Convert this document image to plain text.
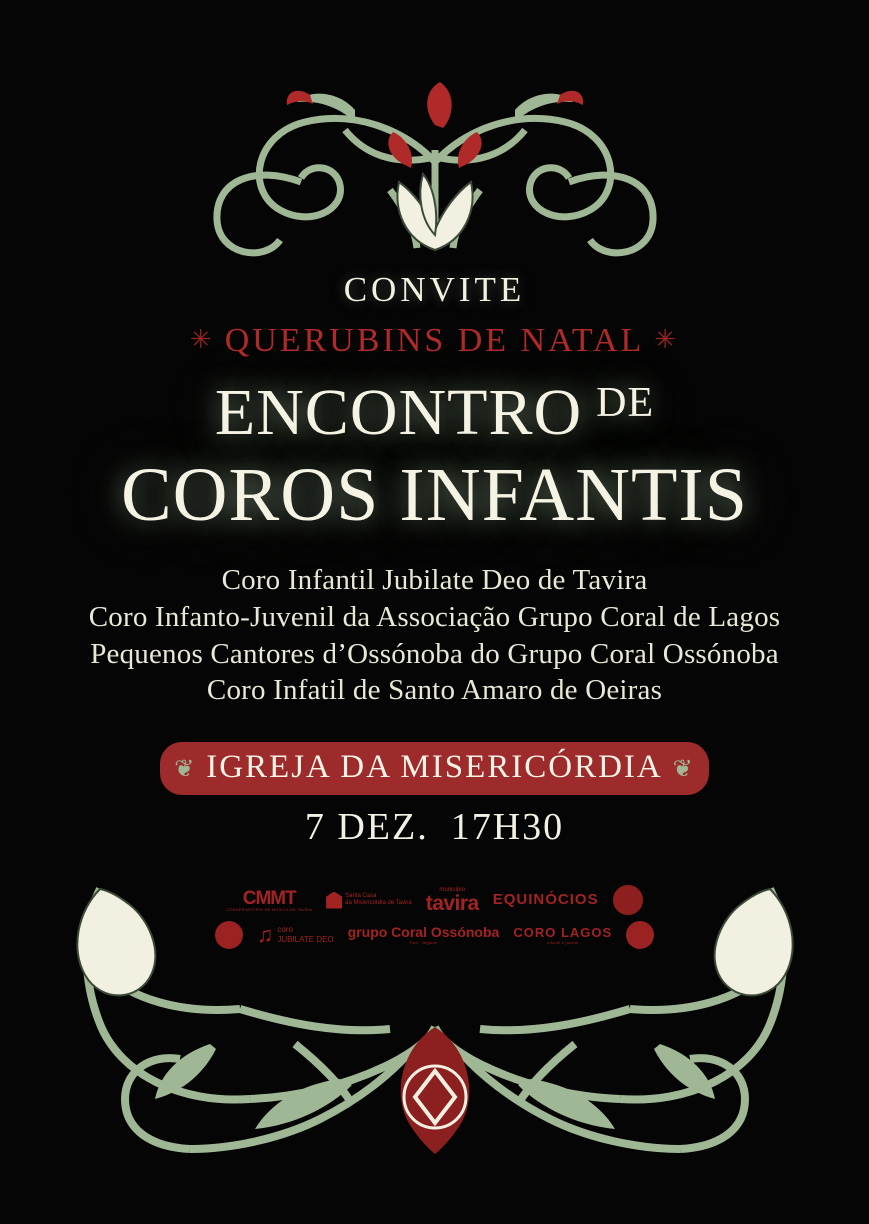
CONVITE
✳ QUERUBINS DE NATAL ✳
ENCONTRO $^{DE}$
COROS INFANTIS
Coro Infantil Jubilate Deo de Tavira
Coro Infanto-Juvenil da Associação Grupo Coral de Lagos
Pequenos Cantores d’Ossónoba do Grupo Coral Ossónoba
Coro Infatil de Santo Amaro de Oeiras
❦ IGREJA DA MISERICÓRDIA ❦
7 DEZ. 17H30
CMMT
CONSERVATÓRIO DE MÚSICA DE TAVIRA
Santa Casa
da Misericórdia de Tavira
município
tavira EQUINÓCIOS
♫ coro
JUBILATE DEO grupo Coral Ossónoba
Faro · Algarve
CORO LAGOS
infantil e juvenil
